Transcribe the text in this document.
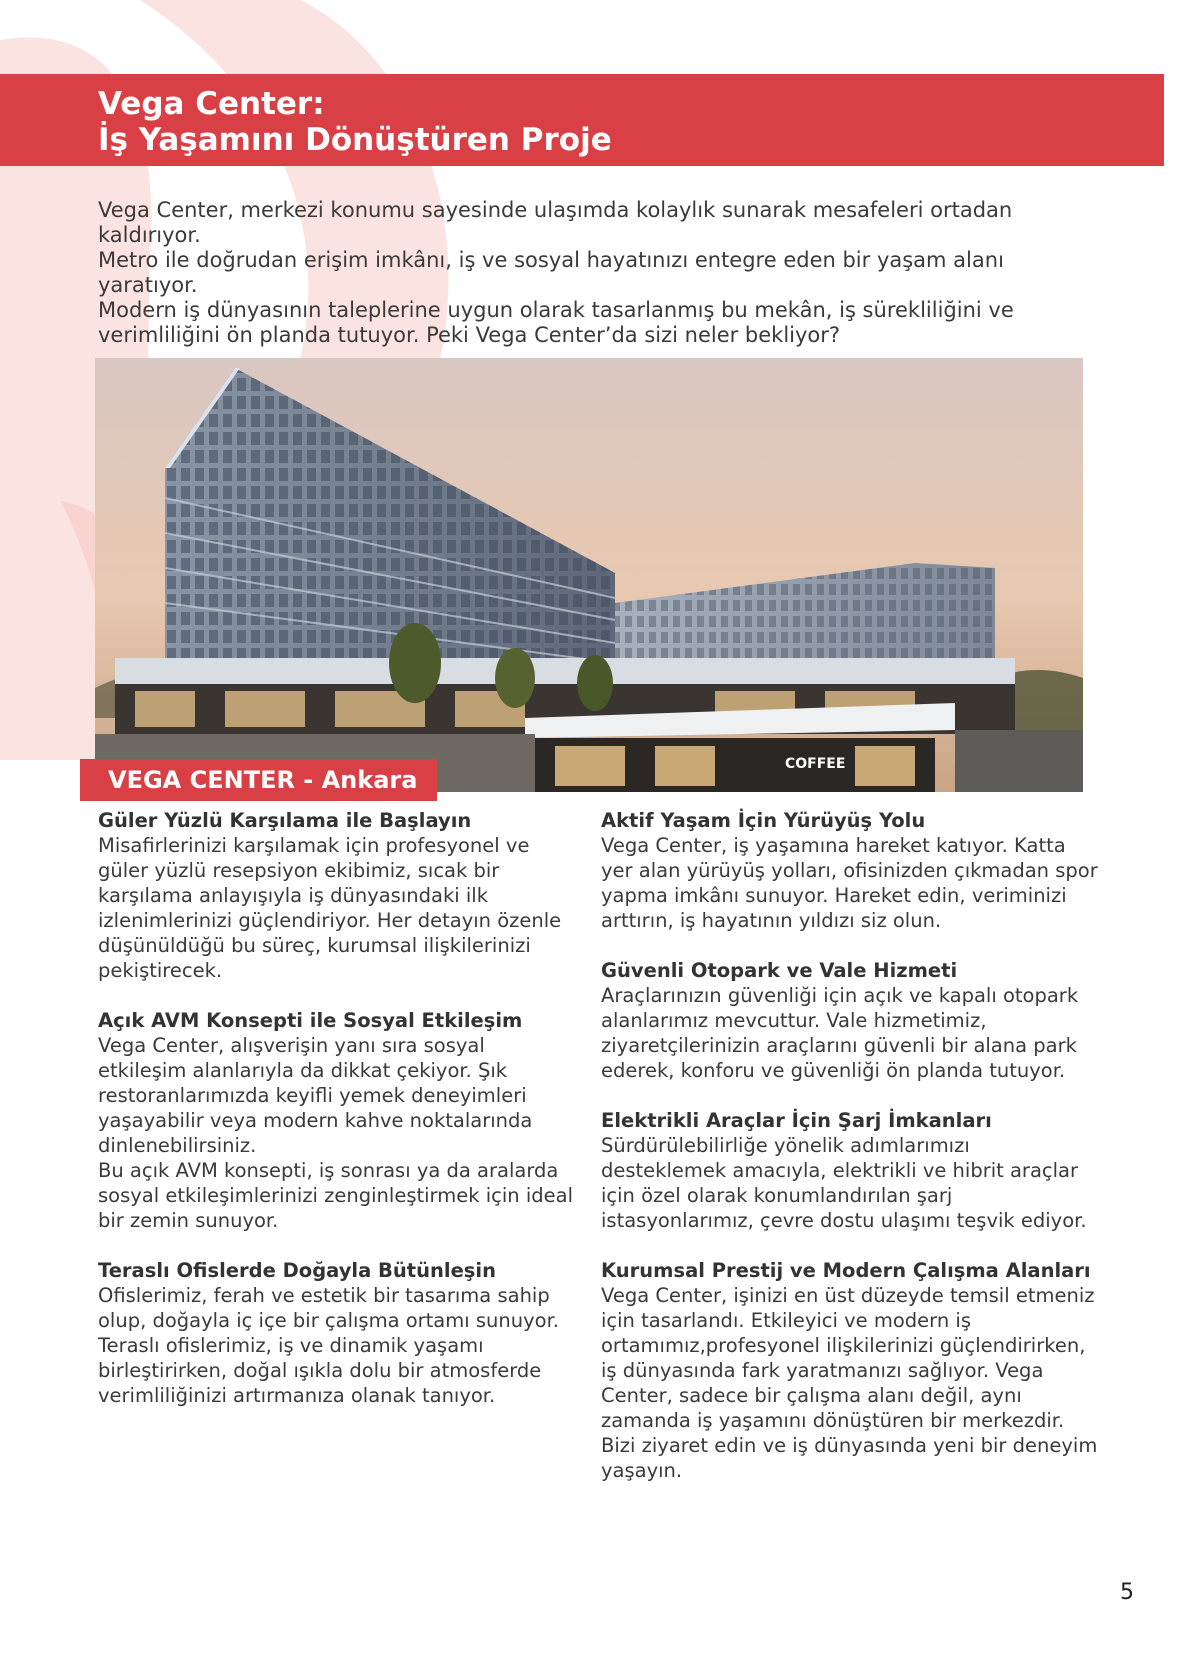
Vega Center:
İş Yaşamını Dönüştüren Proje

Vega Center, merkezi konumu sayesinde ulaşımda kolaylık sunarak mesafeleri ortadan kaldırıyor.

Metro ile doğrudan erişim imkânı, iş ve sosyal hayatınızı entegre eden bir yaşam alanı yaratıyor.

Modern iş dünyasının taleplerine uygun olarak tasarlanmış bu mekân, iş sürekliliğini ve verimliliğini ön planda tutuyor. Peki Vega Center’da sizi neler bekliyor?

COFFEE
VEGA CENTER - Ankara
Güler Yüzlü Karşılama ile Başlayın

Misafirlerinizi karşılamak için profesyonel ve güler yüzlü resepsiyon ekibimiz, sıcak bir karşılama anlayışıyla iş dünyasındaki ilk izlenimlerinizi güçlendiriyor. Her detayın özenle düşünüldüğü bu süreç, kurumsal ilişkilerinizi pekiştirecek.

Açık AVM Konsepti ile Sosyal Etkileşim

Vega Center, alışverişin yanı sıra sosyal etkileşim alanlarıyla da dikkat çekiyor. Şık restoranlarımızda keyifli yemek deneyimleri yaşayabilir veya modern kahve noktalarında dinlenebilirsiniz.

Bu açık AVM konsepti, iş sonrası ya da aralarda sosyal etkileşimlerinizi zenginleştirmek için ideal bir zemin sunuyor.

Teraslı Ofislerde Doğayla Bütünleşin

Ofislerimiz, ferah ve estetik bir tasarıma sahip olup, doğayla iç içe bir çalışma ortamı sunuyor. Teraslı ofislerimiz, iş ve dinamik yaşamı birleştirirken, doğal ışıkla dolu bir atmosferde verimliliğinizi artırmanıza olanak tanıyor.

Aktif Yaşam İçin Yürüyüş Yolu

Vega Center, iş yaşamına hareket katıyor. Katta yer alan yürüyüş yolları, ofisinizden çıkmadan spor yapma imkânı sunuyor. Hareket edin, veriminizi arttırın, iş hayatının yıldızı siz olun.

Güvenli Otopark ve Vale Hizmeti

Araçlarınızın güvenliği için açık ve kapalı otopark alanlarımız mevcuttur. Vale hizmetimiz, ziyaretçilerinizin araçlarını güvenli bir alana park ederek, konforu ve güvenliği ön planda tutuyor.

Elektrikli Araçlar İçin Şarj İmkanları

Sürdürülebilirliğe yönelik adımlarımızı desteklemek amacıyla, elektrikli ve hibrit araçlar için özel olarak konumlandırılan şarj istasyonlarımız, çevre dostu ulaşımı teşvik ediyor.

Kurumsal Prestij ve Modern Çalışma Alanları

Vega Center, işinizi en üst düzeyde temsil etmeniz için tasarlandı. Etkileyici ve modern iş ortamımız,profesyonel ilişkilerinizi güçlendirirken, iş dünyasında fark yaratmanızı sağlıyor. Vega Center, sadece bir çalışma alanı değil, aynı zamanda iş yaşamını dönüştüren bir merkezdir. Bizi ziyaret edin ve iş dünyasında yeni bir deneyim yaşayın.

5
